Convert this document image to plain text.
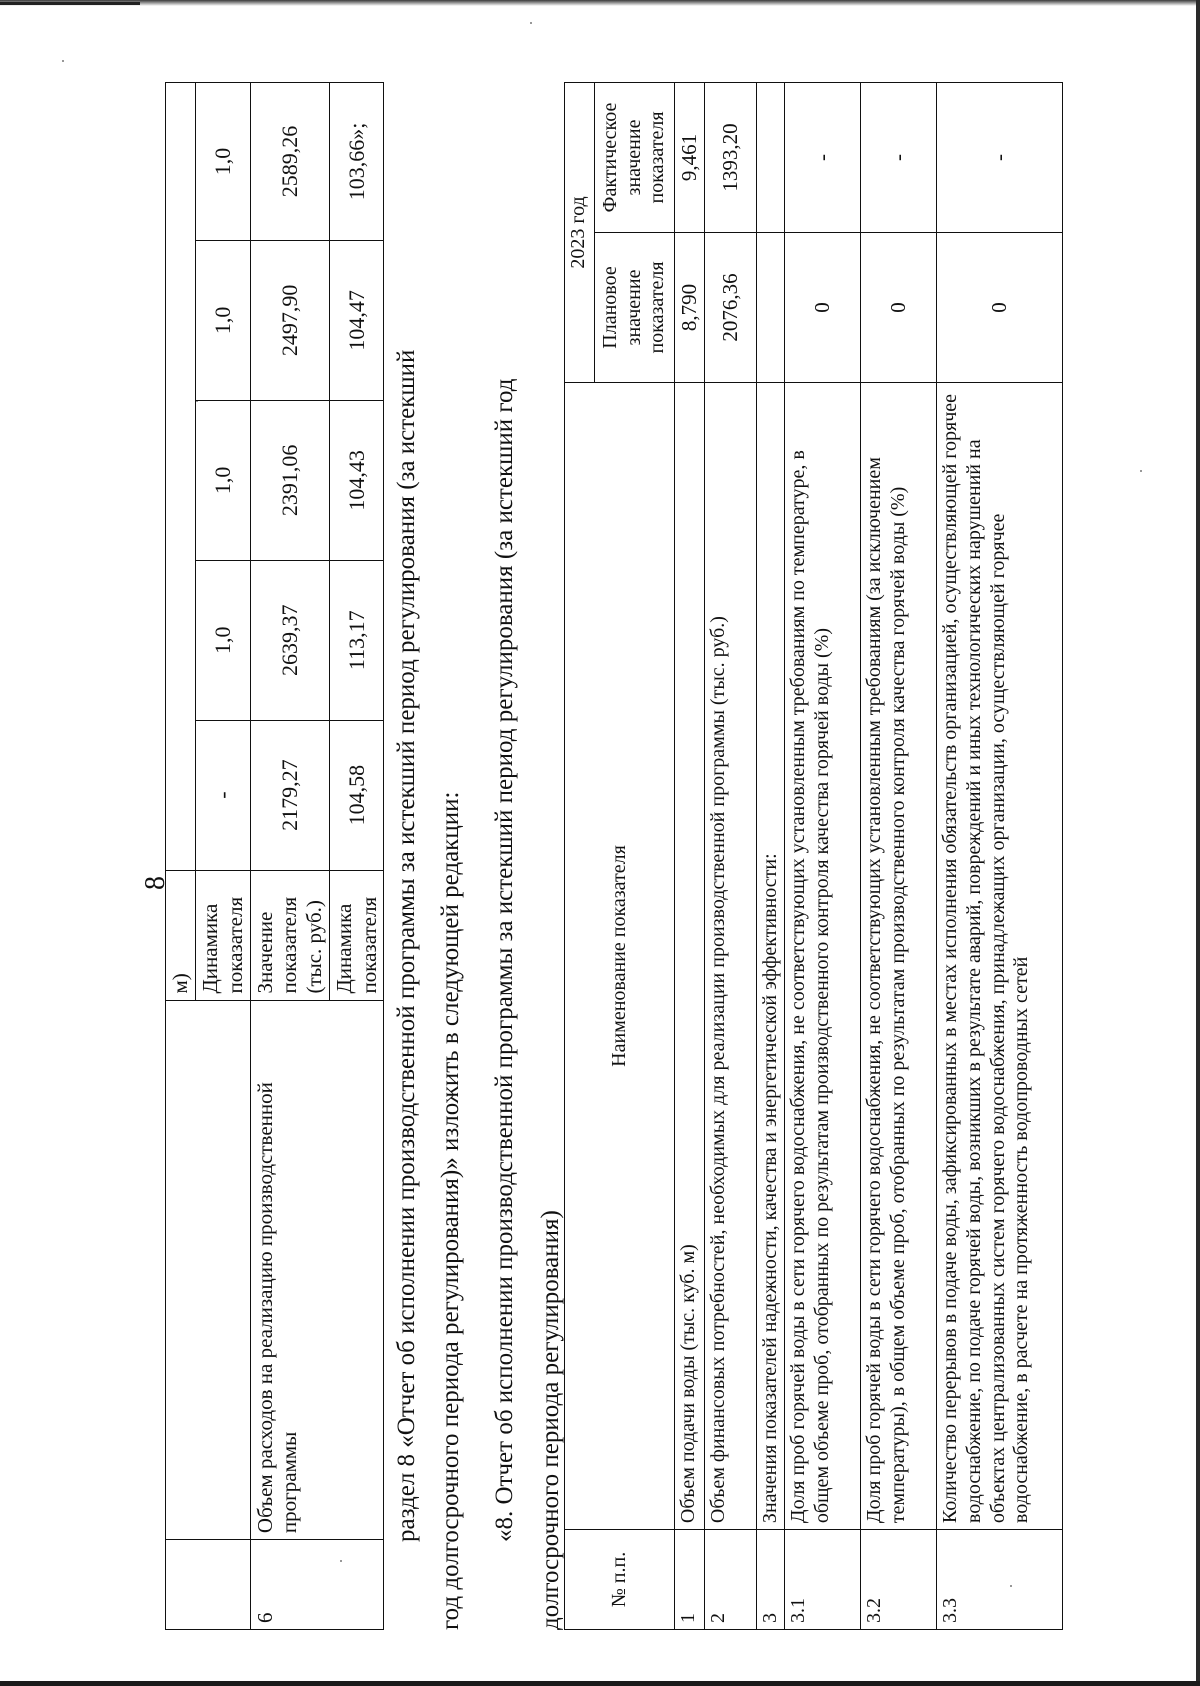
8
		м)					
		Динамика показателя	-	1,0	1,0	1,0	1,0
6	Объем расходов на реализацию производственной программы	Значение показателя (тыс. руб.)	2179,27	2639,37	2391,06	2497,90	2589,26
		Динамика показателя	104,58	113,17	104,43	104,47	103,66»;
раздел 8 «Отчет об исполнении производственной программы за истекший период регулирования (за истекший год долгосрочного периода регулирования)» изложить в следующей редакции: «8. Отчет об исполнении производственной программы за истекший период регулирования (за истекший год долгосрочного периода регулирования) № п.п.	Наименование показателя	2023 год	
		Плановое значение показателя	Фактическое значение показателя
1	Объем подачи воды (тыс. куб. м)	8,790	9,461
2	Объем финансовых потребностей, необходимых для реализации производственной программы (тыс. руб.)	2076,36	1393,20
3	Значения показателей надежности, качества и энергетической эффективности:		
3.1	Доля проб горячей воды в сети горячего водоснабжения, не соответствующих установленным требованиям по температуре, в общем объеме проб, отобранных по результатам производственного контроля качества горячей воды (%)	0	-
3.2	Доля проб горячей воды в сети горячего водоснабжения, не соответствующих установленным требованиям (за исключением температуры), в общем объеме проб, отобранных по результатам производственного контроля качества горячей воды (%)	0	-
3.3	Количество перерывов в подаче воды, зафиксированных в местах исполнения обязательств организацией, осуществляющей горячее водоснабжение, по подаче горячей воды, возникших в результате аварий, повреждений и иных технологических нарушений на объектах централизованных систем горячего водоснабжения, принадлежащих организации, осуществляющей горячее водоснабжение, в расчете на протяженность водопроводных сетей	0	-
